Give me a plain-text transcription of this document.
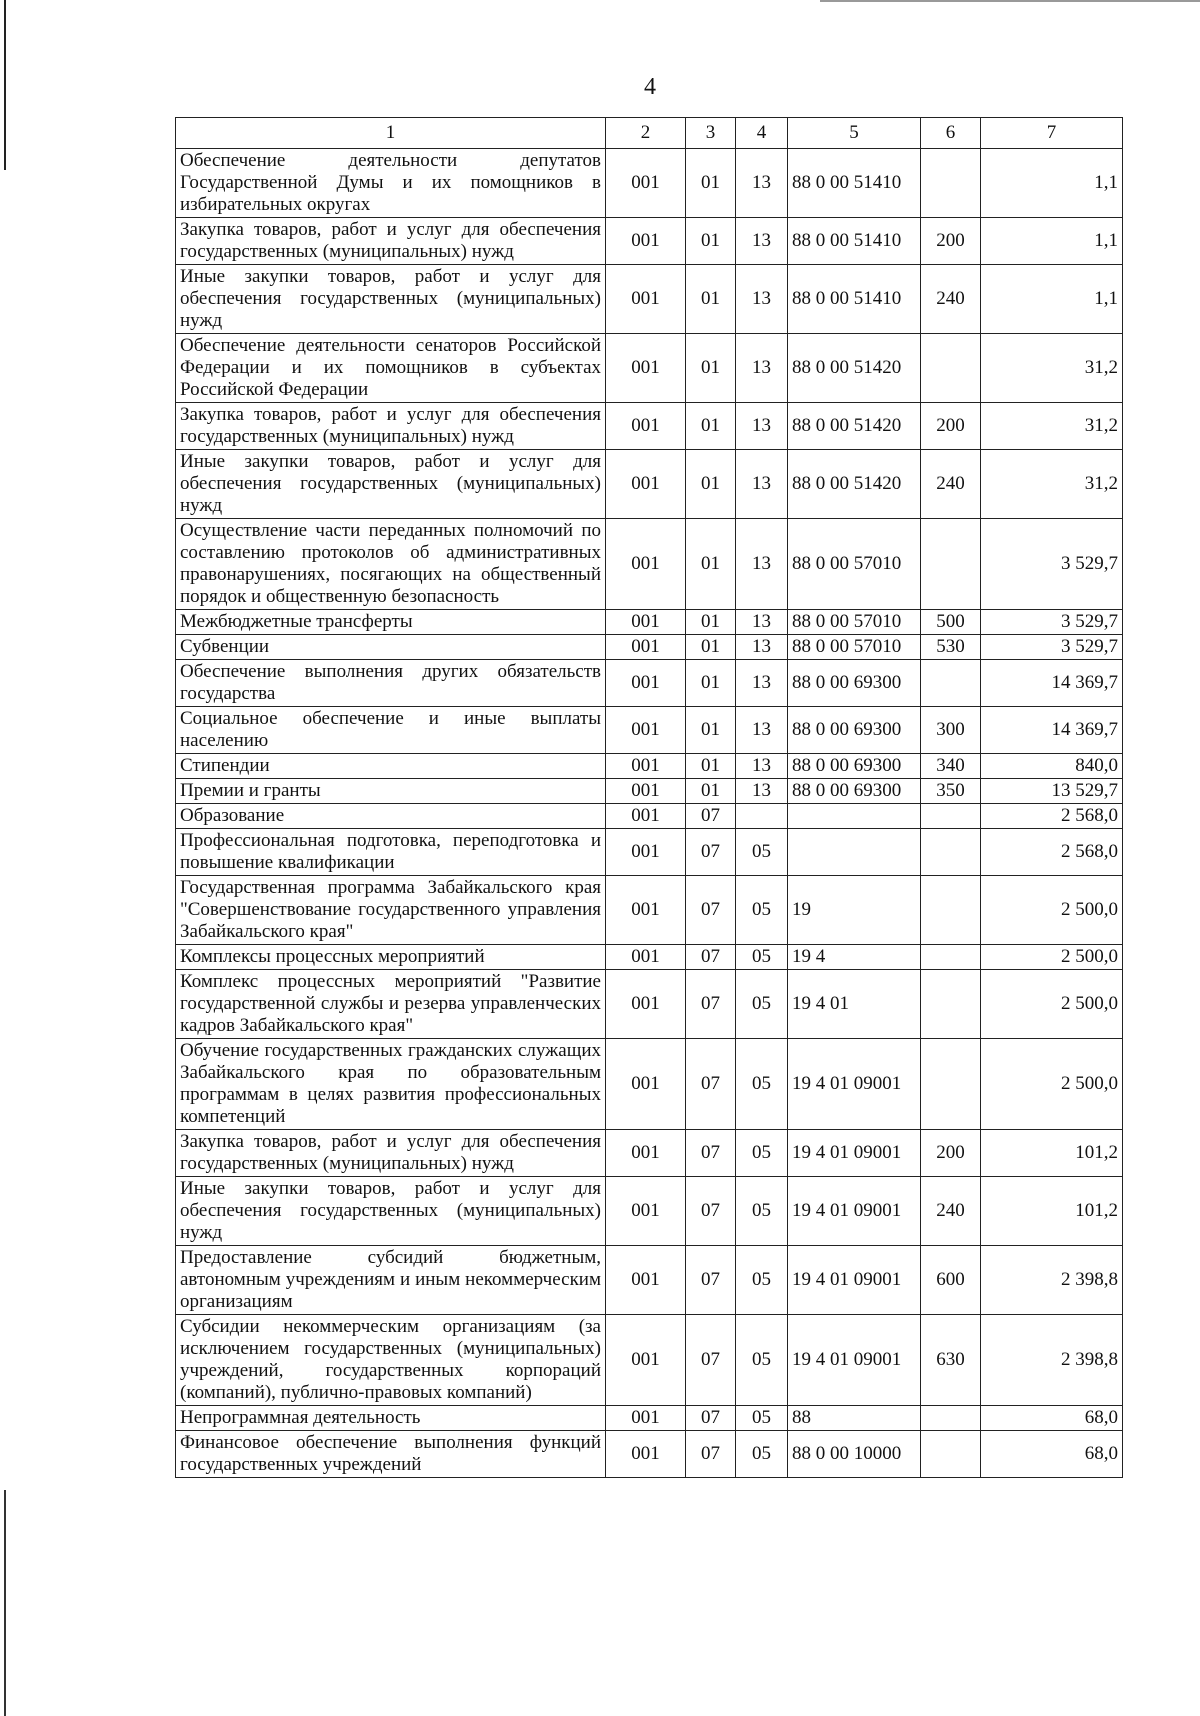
4
1	2	3	4	5	6	7
Обеспечение деятельности депутатов Государственной Думы и их помощников в избирательных округах	001	01	13	88 0 00 51410		1,1
Закупка товаров, работ и услуг для обеспечения государственных (муниципальных) нужд	001	01	13	88 0 00 51410	200	1,1
Иные закупки товаров, работ и услуг для обеспечения государственных (муниципальных) нужд	001	01	13	88 0 00 51410	240	1,1
Обеспечение деятельности сенаторов Российской Федерации и их помощников в субъектах Российской Федерации	001	01	13	88 0 00 51420		31,2
Закупка товаров, работ и услуг для обеспечения государственных (муниципальных) нужд	001	01	13	88 0 00 51420	200	31,2
Иные закупки товаров, работ и услуг для обеспечения государственных (муниципальных) нужд	001	01	13	88 0 00 51420	240	31,2
Осуществление части переданных полномочий по составлению протоколов об административных правонарушениях, посягающих на общественный порядок и общественную безопасность	001	01	13	88 0 00 57010		3 529,7
Межбюджетные трансферты	001	01	13	88 0 00 57010	500	3 529,7
Субвенции	001	01	13	88 0 00 57010	530	3 529,7
Обеспечение выполнения других обязательств государства	001	01	13	88 0 00 69300		14 369,7
Социальное обеспечение и иные выплаты населению	001	01	13	88 0 00 69300	300	14 369,7
Стипендии	001	01	13	88 0 00 69300	340	840,0
Премии и гранты	001	01	13	88 0 00 69300	350	13 529,7
Образование	001	07				2 568,0
Профессиональная подготовка, переподготовка и повышение квалификации	001	07	05			2 568,0
Государственная программа Забайкальского края "Совершенствование государственного управления Забайкальского края"	001	07	05	19		2 500,0
Комплексы процессных мероприятий	001	07	05	19 4		2 500,0
Комплекс процессных мероприятий "Развитие государственной службы и резерва управленческих кадров Забайкальского края"	001	07	05	19 4 01		2 500,0
Обучение государственных гражданских служащих Забайкальского края по образовательным программам в целях развития профессиональных компетенций	001	07	05	19 4 01 09001		2 500,0
Закупка товаров, работ и услуг для обеспечения государственных (муниципальных) нужд	001	07	05	19 4 01 09001	200	101,2
Иные закупки товаров, работ и услуг для обеспечения государственных (муниципальных) нужд	001	07	05	19 4 01 09001	240	101,2
Предоставление субсидий бюджетным, автономным учреждениям и иным некоммерческим организациям	001	07	05	19 4 01 09001	600	2 398,8
Субсидии некоммерческим организациям (за исключением государственных (муниципальных) учреждений, государственных корпораций (компаний), публично-правовых компаний)	001	07	05	19 4 01 09001	630	2 398,8
Непрограммная деятельность	001	07	05	88		68,0
Финансовое обеспечение выполнения функций государственных учреждений	001	07	05	88 0 00 10000		68,0
